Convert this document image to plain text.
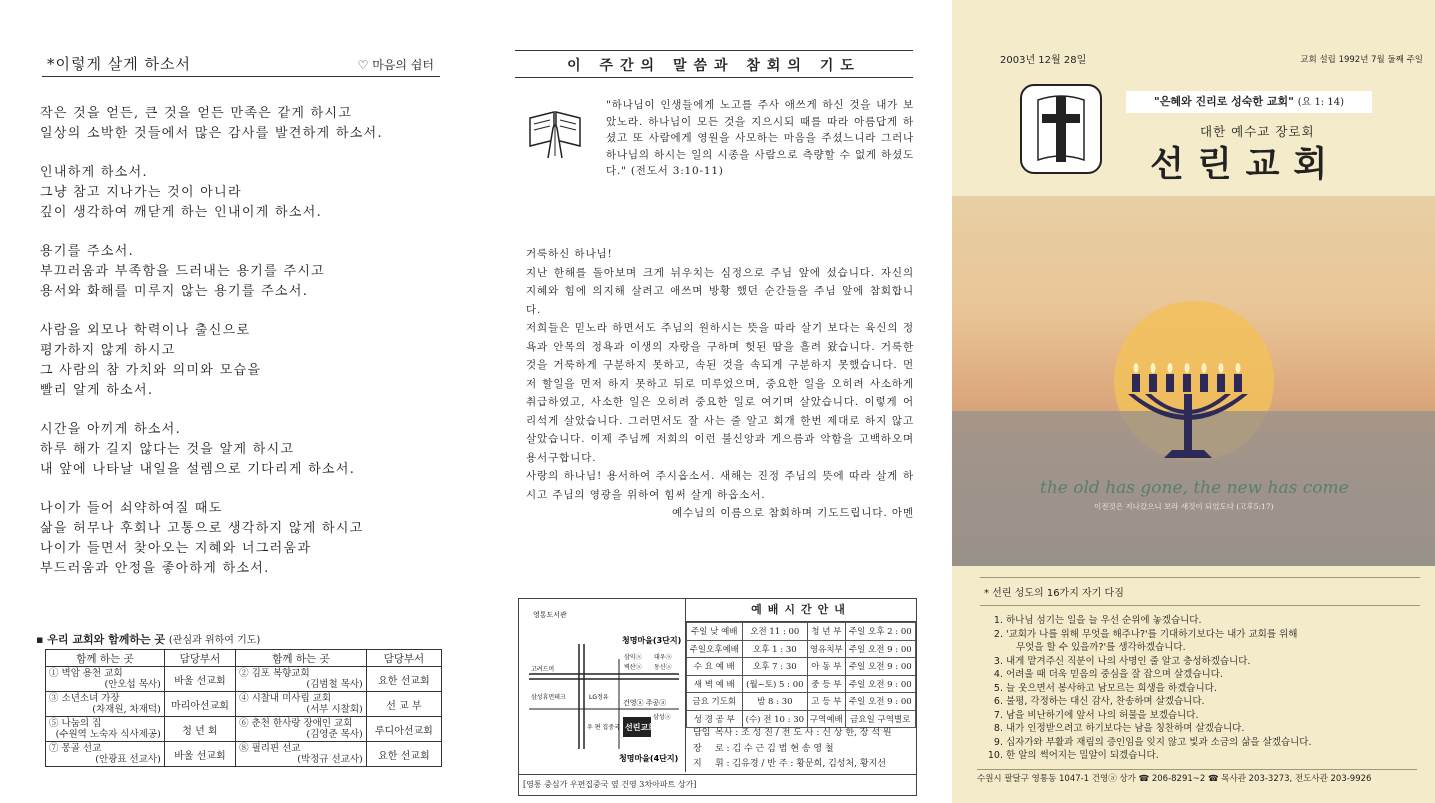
*이렇게 살게 하소서	♡ 마음의 쉼터
작은 것을 얻든, 큰 것을 얻든 만족은 같게 하시고
일상의 소박한 것들에서 많은 감사를 발견하게 하소서.
인내하게 하소서.
그냥 참고 지나가는 것이 아니라
깊이 생각하여 깨닫게 하는 인내이게 하소서.
용기를 주소서.
부끄러움과 부족함을 드러내는 용기를 주시고
용서와 화해를 미루지 않는 용기를 주소서.
사람을 외모나 학력이나 출신으로
평가하지 않게 하시고
그 사람의 참 가치와 의미와 모습을
빨리 알게 하소서.
시간을 아끼게 하소서.
하루 해가 길지 않다는 것을 알게 하시고
내 앞에 나타날 내일을 설렘으로 기다리게 하소서.
나이가 들어 쇠약하여질 때도
삶을 허무나 후회나 고통으로 생각하지 않게 하시고
나이가 들면서 찾아오는 지혜와 너그러움과
부드러움과 안정을 좋아하게 하소서.
▪ 우리 교회와 함께하는 곳 (관심과 위하여 기도)
함께 하는 곳	담당부서	함께 하는 곳	담당부서

① 벽암 용천 교회
(안오섭 목사)	바울 선교회	② 김포 복향교회
(김범철 목사)	요한 선교회

③ 소년소녀 가장
(차재원, 차재덕)	마리아선교회	④ 시찰내 미사립 교회
(서부 시찰회)	선 교 부

⑤ 나눔의 집
(수원역 노숙자 식사제공)	청 년 회	⑥ 춘천 한사랑 장애인 교회
(김영준 목사)	루디아선교회

⑦ 몽골 선교
(안광표 선교사)	바울 선교회	⑧ 필리핀 선교
(박정규 선교사)	요한 선교회
이 주간의 말씀과 참회의 기도
"하나님이 인생들에게 노고를 주사 애쓰게 하신 것을 내가 보았노라. 하나님이 모든 것을 지으시되 때를 따라 아름답게 하셨고 또 사람에게 영원을 사모하는 마음을 주셨느니라 그러나 하나님의 하시는 일의 시종을 사람으로 측량할 수 없게 하셨도다." (전도서 3:10-11)

거룩하신 하나님!

지난 한해를 돌아보며 크게 뉘우치는 심정으로 주님 앞에 섰습니다. 자신의 지혜와 힘에 의지해 살려고 애쓰며 방황 했던 순간들을 주님 앞에 참회합니다.

저희들은 믿노라 하면서도 주님의 원하시는 뜻을 따라 살기 보다는 육신의 정욕과 안목의 정욕과 이생의 자랑을 구하며 헛된 땀을 흘려 왔습니다. 거룩한 것을 거룩하게 구분하지 못하고, 속된 것을 속되게 구분하지 못했습니다. 먼저 할일을 먼저 하지 못하고 뒤로 미루었으며, 중요한 일을 오히려 사소하게 취급하였고, 사소한 일은 오히려 중요한 일로 여기며 살았습니다. 이렇게 어리석게 살았습니다. 그러면서도 잘 사는 줄 알고 회개 한번 제대로 하지 않고 살았습니다. 이제 주님께 저희의 이런 불신앙과 게으름과 악함을 고백하오며 용서구합니다.

사랑의 하나님! 용서하여 주시옵소서. 새해는 진정 주님의 뜻에 따라 살게 하시고 주님의 영광을 위하여 힘써 살게 하옵소서.

예수님의 이름으로 참회하며 기도드립니다. 아멘

영통도서관
청명마을(3단지)
고려드머
삼성휴먼테크	LG정유
삼익ⓐ
벽산ⓐ
대우ⓐ
동신ⓐ
건영ⓐ 주공ⓐ
선린교회
삼성ⓐ
우 편 집중국
청명마을(4단지)
[영통 중심가 우편집중국 옆 건영 3차아파트 상가]
예배시간안내
주일 낮 예배	오전 11 : 00	청 년 부	주일 오후 2 : 00
주일오후예배	오후 1 : 30	영유치부	주일 오전 9 : 00
수 요 예 배	오후 7 : 30	아 동 부	주일 오전 9 : 00
새 벽 예 배	(월~토) 5 : 00	중 등 부	주일 오전 9 : 00
금요 기도회	밤 8 : 30	고 등 부	주일 오전 9 : 00
성 경 공 부	(수) 전 10 : 30	구역예배	금요일 구역별로
담임 목사 : 조 성 진 / 전 도 사 : 신 상 한, 장 석 원
장 로 : 김 수 근 김 범 현 송 영 철
지 휘 : 김유경 / 반 주 : 황문희, 김성처, 황지선
2003년 12월 28일	교회 설립 1992년 7월 둘째 주일
"은혜와 진리로 성숙한 교회" (요 1: 14)
대한 예수교 장로회
선린교회
the old has gone, the new has come
이전것은 지나갔으니 보라 새것이 되었도다 (고후5:17)
* 선린 성도의 16가지 자기 다짐
1. 하나님 섬기는 일을 늘 우선 순위에 놓겠습니다.
2. '교회가 나를 위해 무엇을 해주나?'를 기대하기보다는 내가 교회를 위해
무엇을 할 수 있을까?'를 생각하겠습니다.
3. 내게 맡겨주신 직분이 나의 사명인 줄 알고 충성하겠습니다.
4. 어려울 때 더욱 믿음의 중심을 잘 잡으며 살겠습니다.
5. 늘 웃으면서 봉사하고 남모르는 희생을 하겠습니다.
6. 불평, 각정하는 대신 감사, 찬송하며 살겠습니다.
7. 남을 비난하기에 앞서 나의 허물을 보겠습니다.
8. 내가 인정받으려고 하기보다는 남을 칭찬하며 살겠습니다.
9. 십자가와 부활과 재림의 증인임을 잊지 않고 빛과 소금의 삶을 살겠습니다.
10. 한 알의 썩어지는 밀알이 되겠습니다.
수원시 팔달구 영통동 1047-1 건영ⓐ 상가 ☎ 206-8291~2 ☎ 목사관 203-3273, 전도사관 203-9926
